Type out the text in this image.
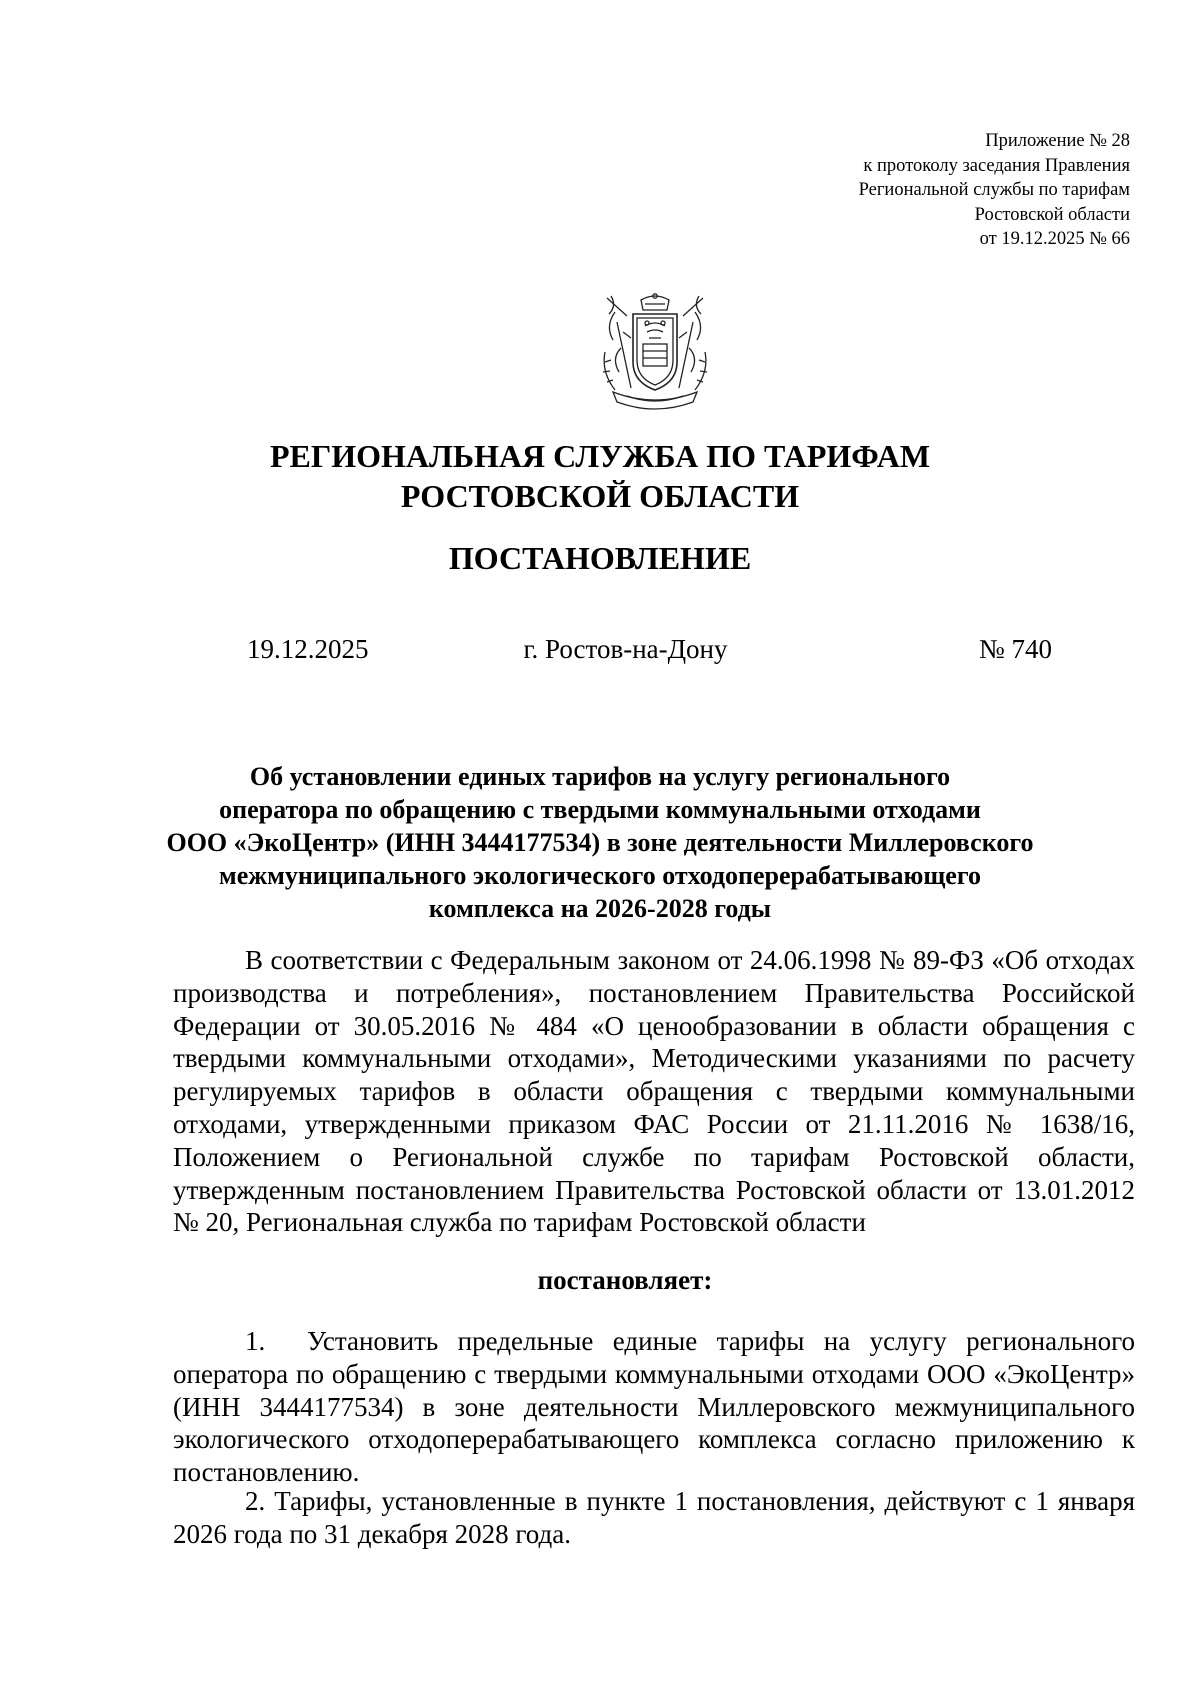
Приложение № 28
к протоколу заседания Правления
Региональной службы по тарифам
Ростовской области
от 19.12.2025 № 66
РЕГИОНАЛЬНАЯ СЛУЖБА ПО ТАРИФАМ
РОСТОВСКОЙ ОБЛАСТИ
ПОСТАНОВЛЕНИЕ
19.12.2025	г. Ростов-на-Дону	№ 740
Об установлении единых тарифов на услугу регионального
оператора по обращению с твердыми коммунальными отходами
ООО «ЭкоЦентр» (ИНН 3444177534) в зоне деятельности Миллеровского
межмуниципального экологического отходоперерабатывающего
комплекса на 2026-2028 годы
В соответствии с Федеральным законом от 24.06.1998 № 89-ФЗ «Об отходах производства и потребления», постановлением Правительства Российской Федерации от 30.05.2016 № 484 «О ценообразовании в области обращения с твердыми коммунальными отходами», Методическими указаниями по расчету регулируемых тарифов в области обращения с твердыми коммунальными отходами, утвержденными приказом ФАС России от 21.11.2016 № 1638/16, Положением о Региональной службе по тарифам Ростовской области, утвержденным постановлением Правительства Ростовской области от 13.01.2012 № 20, Региональная служба по тарифам Ростовской области
постановляет:
1. Установить предельные единые тарифы на услугу регионального оператора по обращению с твердыми коммунальными отходами ООО «ЭкоЦентр» (ИНН 3444177534) в зоне деятельности Миллеровского межмуниципального экологического отходоперерабатывающего комплекса согласно приложению к постановлению.
2. Тарифы, установленные в пункте 1 постановления, действуют с 1 января 2026 года по 31 декабря 2028 года.
